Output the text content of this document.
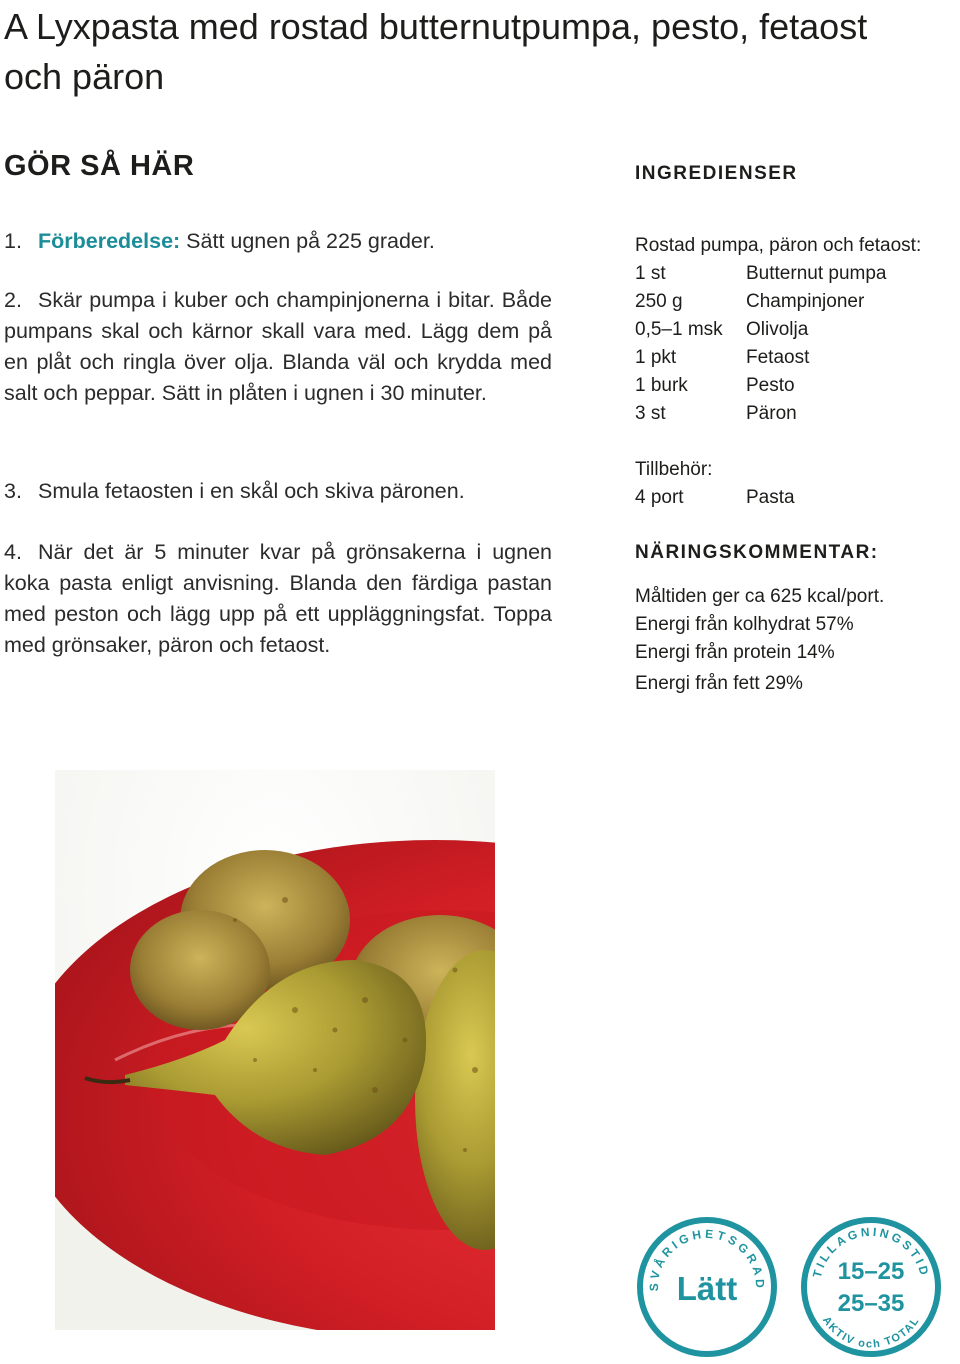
A Lyxpasta med rostad butternutpumpa, pesto, fetaost och päron
GÖR SÅ HÄR

1. Förberedelse: Sätt ugnen på 225 grader.

2. Skär pumpa i kuber och champinjonerna i bitar. Både pumpans skal och kärnor skall vara med. Lägg dem på en plåt och ringla över olja. Blanda väl och krydda med salt och peppar. Sätt in plåten i ugnen i 30 minuter.

3. Smula fetaosten i en skål och skiva päronen.

4. När det är 5 minuter kvar på grönsakerna i ugnen koka pasta enligt anvisning. Blanda den färdiga pastan med peston och lägg upp på ett uppläggningsfat. Toppa med grönsaker, päron och fetaost.

INGREDIENSER

Rostad pumpa, päron och fetaost:

1 st	Butternut pumpa
250 g	Champinjoner
0,5–1 msk Olivolja
1 pkt	Fetaost
1 burk	Pesto
3 st	Päron

Tillbehör:

4 port	Pasta
NÄRINGSKOMMENTAR:

Måltiden ger ca 625 kcal/port.

Energi från kolhydrat 57%

Energi från protein 14%

Energi från fett 29%

SVÅRIGHETSGRAD
Lätt	TILLAGNINGSTID
15–25
25–35
AKTIV och TOTAL
